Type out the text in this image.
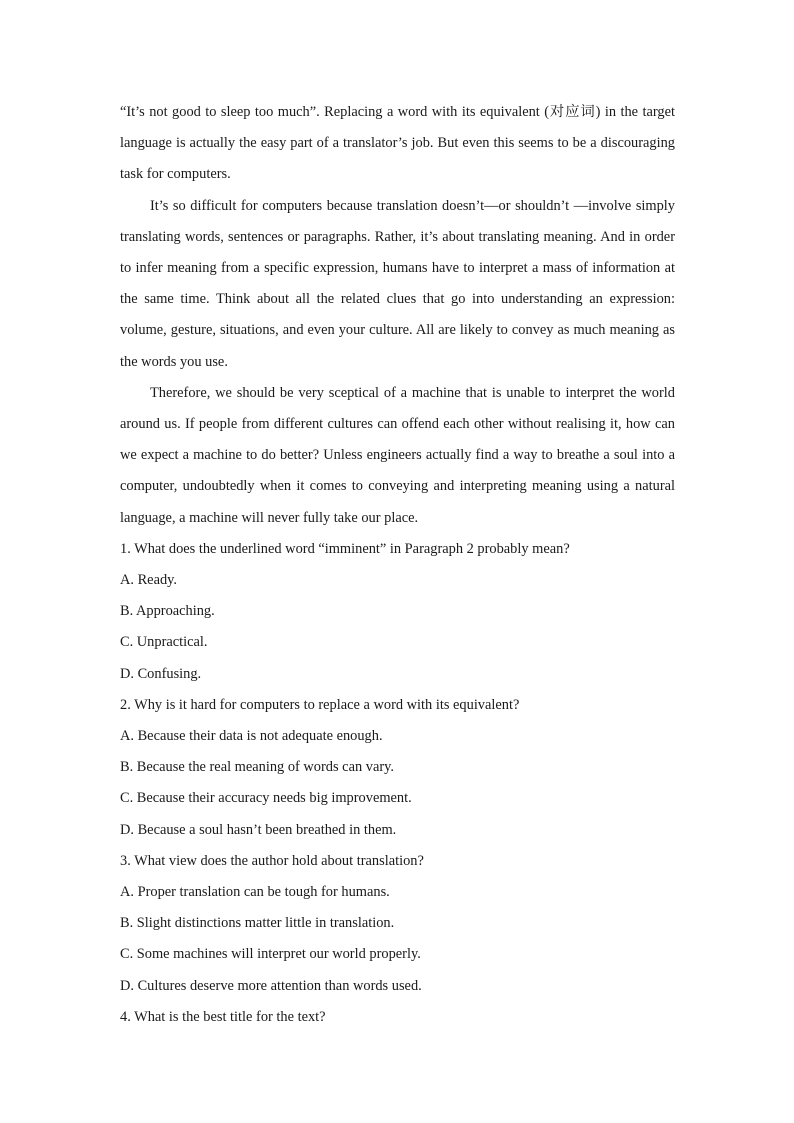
“It’s not good to sleep too much”. Replacing a word with its equivalent (对应词) in the target language is actually the easy part of a translator’s job. But even this seems to be a discouraging task for computers.

It’s so difficult for computers because translation doesn’t—or shouldn’t —involve simply translating words, sentences or paragraphs. Rather, it’s about translating meaning. And in order to infer meaning from a specific expression, humans have to interpret a mass of information at the same time. Think about all the related clues that go into understanding an expression: volume, gesture, situations, and even your culture. All are likely to convey as much meaning as the words you use.

Therefore, we should be very sceptical of a machine that is unable to interpret the world around us. If people from different cultures can offend each other without realising it, how can we expect a machine to do better? Unless engineers actually find a way to breathe a soul into a computer, undoubtedly when it comes to conveying and interpreting meaning using a natural language, a machine will never fully take our place.

1. What does the underlined word “imminent” in Paragraph 2 probably mean?

A. Ready.

B. Approaching.

C. Unpractical.

D. Confusing.

2. Why is it hard for computers to replace a word with its equivalent?

A. Because their data is not adequate enough.

B. Because the real meaning of words can vary.

C. Because their accuracy needs big improvement.

D. Because a soul hasn’t been breathed in them.

3. What view does the author hold about translation?

A. Proper translation can be tough for humans.

B. Slight distinctions matter little in translation.

C. Some machines will interpret our world properly.

D. Cultures deserve more attention than words used.

4. What is the best title for the text?
